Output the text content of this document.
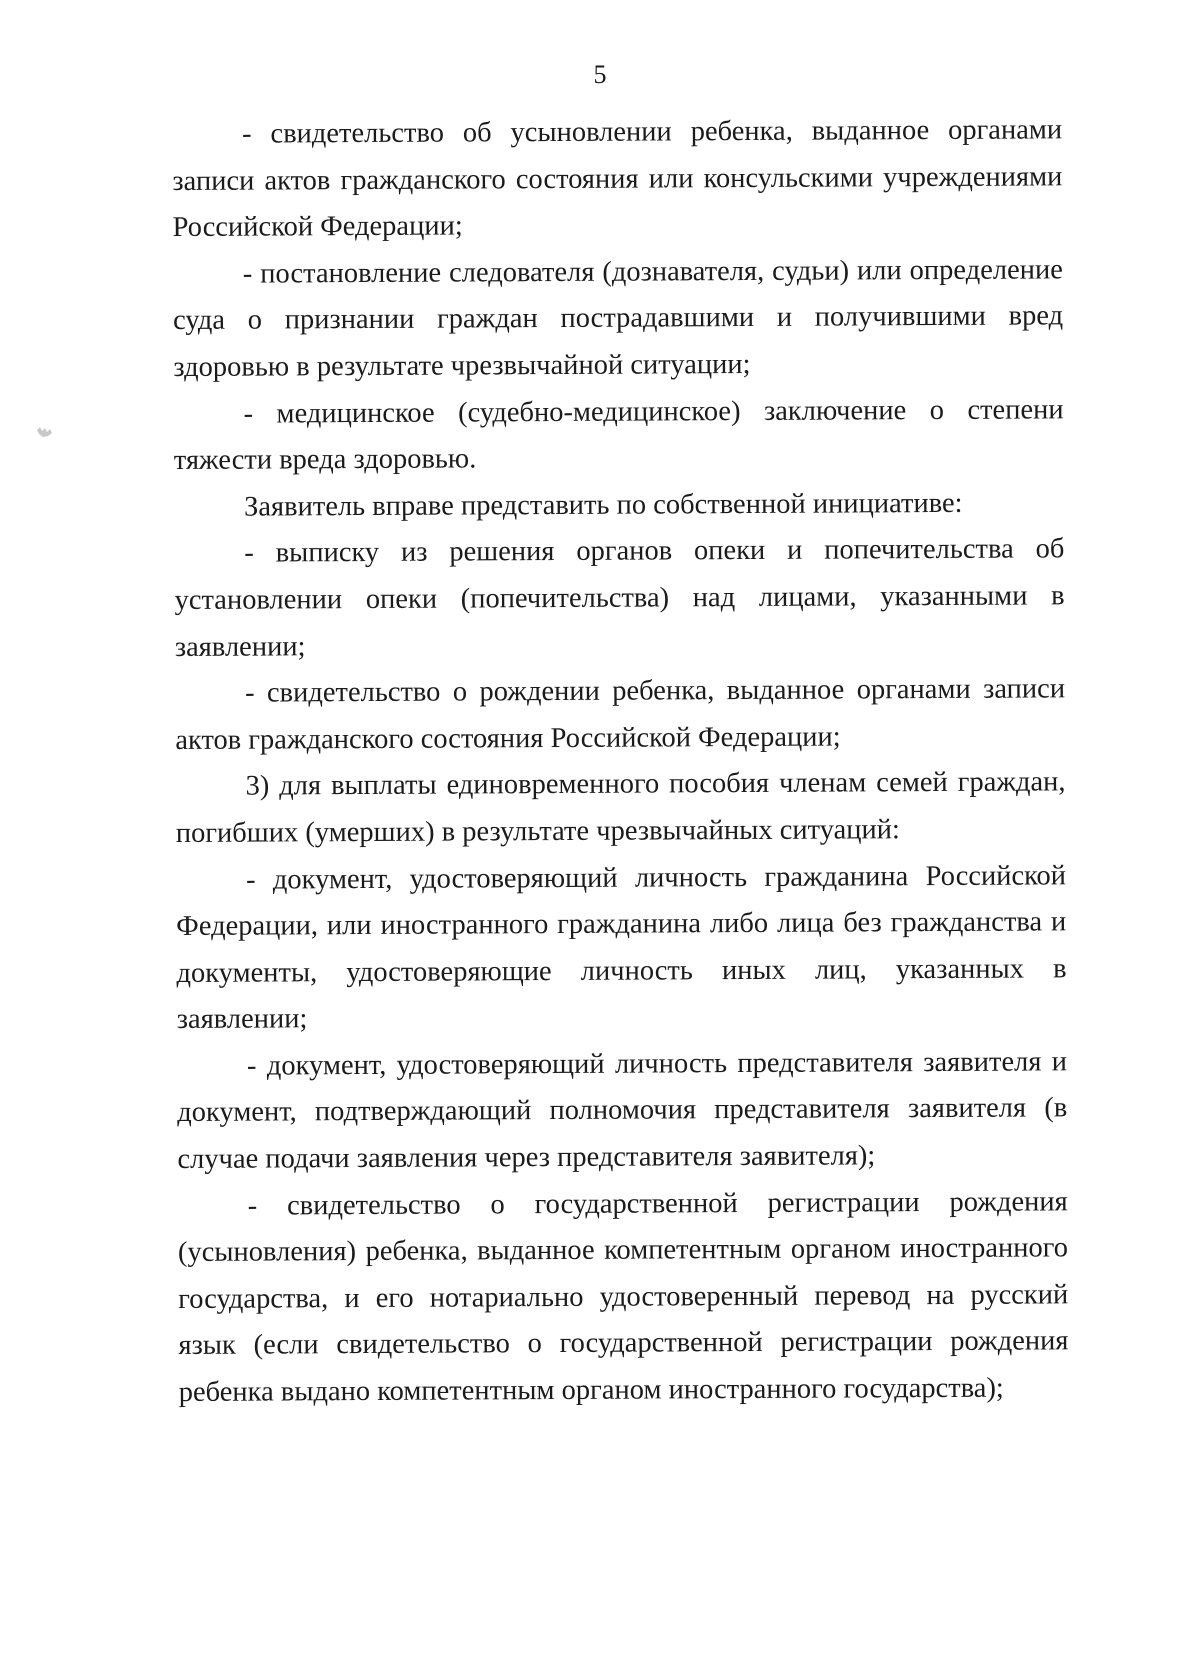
5

- свидетельство об усыновлении ребенка, выданное органами записи актов гражданского состояния или консульскими учреждениями Российской Федерации;

- постановление следователя (дознавателя, судьи) или определение суда о признании граждан пострадавшими и получившими вред здоровью в результате чрезвычайной ситуации;

- медицинское (судебно-медицинское) заключение о степени тяжести вреда здоровью.

Заявитель вправе представить по собственной инициативе:

- выписку из решения органов опеки и попечительства об установлении опеки (попечительства) над лицами, указанными в заявлении;

- свидетельство о рождении ребенка, выданное органами записи актов гражданского состояния Российской Федерации;

3) для выплаты единовременного пособия членам семей граждан, погибших (умерших) в результате чрезвычайных ситуаций:

- документ, удостоверяющий личность гражданина Российской Федерации, или иностранного гражданина либо лица без гражданства и документы, удостоверяющие личность иных лиц, указанных в заявлении;

- документ, удостоверяющий личность представителя заявителя и документ, подтверждающий полномочия представителя заявителя (в случае подачи заявления через представителя заявителя);

- свидетельство о государственной регистрации рождения (усыновления) ребенка, выданное компетентным органом иностранного государства, и его нотариально удостоверенный перевод на русский язык (если свидетельство о государственной регистрации рождения ребенка выдано компетентным органом иностранного государства);
